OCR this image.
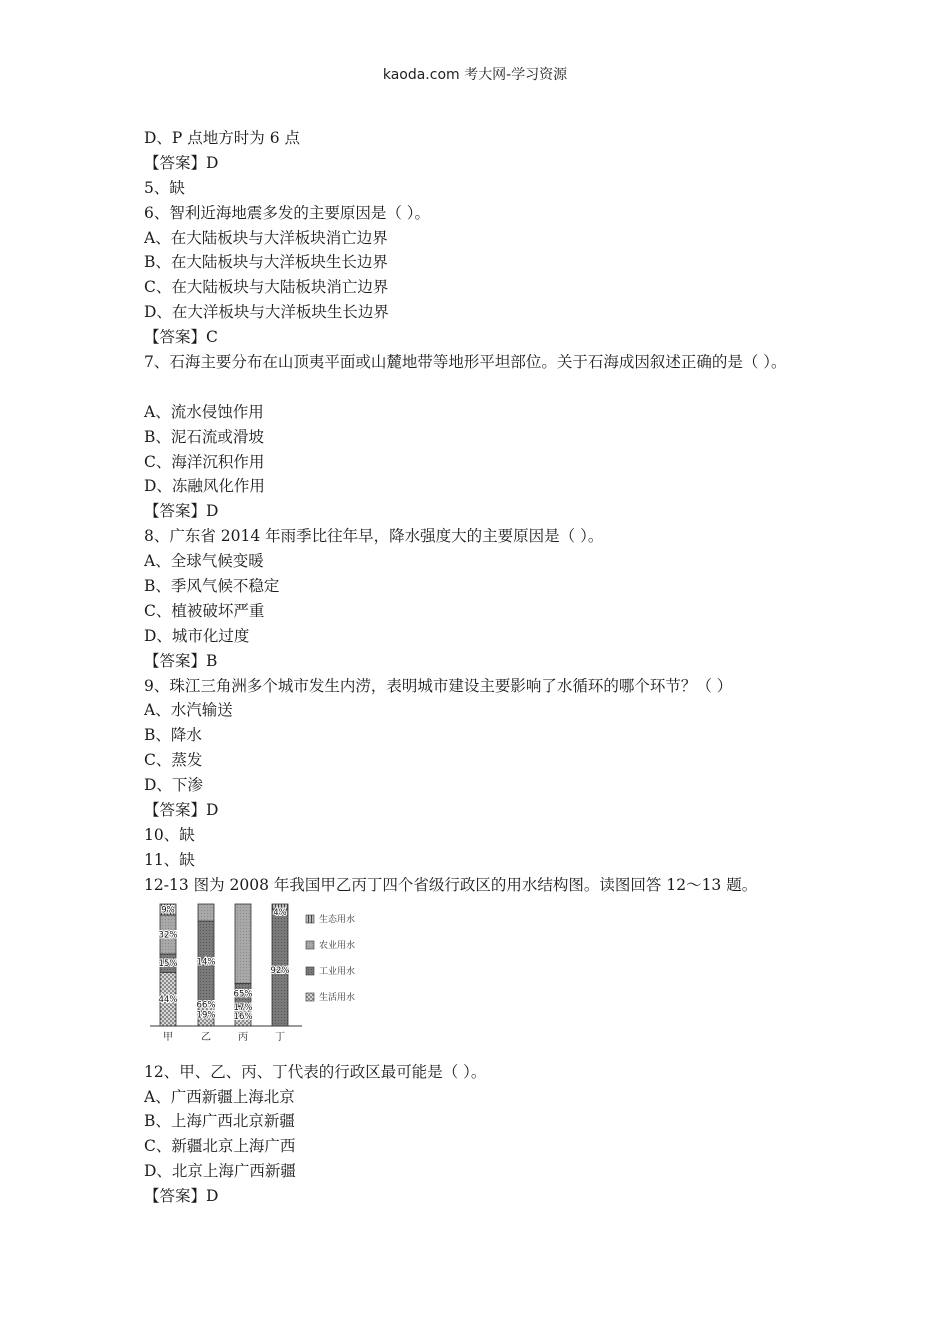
kaoda.com 考大网-学习资源
D、P 点地方时为 6 点
【答案】D
5、缺
6、智利近海地震多发的主要原因是（ ）。
A、在大陆板块与大洋板块消亡边界
B、在大陆板块与大洋板块生长边界
C、在大陆板块与大陆板块消亡边界
D、在大洋板块与大洋板块生长边界
【答案】C
7、石海主要分布在山顶夷平面或山麓地带等地形平坦部位。关于石海成因叙述正确的是（ ）。
A、流水侵蚀作用
B、泥石流或滑坡
C、海洋沉积作用
D、冻融风化作用
【答案】D
8、广东省 2014 年雨季比往年早，降水强度大的主要原因是（ ）。
A、全球气候变暖
B、季风气候不稳定
C、植被破坏严重
D、城市化过度
【答案】B
9、珠江三角洲多个城市发生内涝，表明城市建设主要影响了水循环的哪个环节？（ ）
A、水汽输送
B、降水
C、蒸发
D、下渗
【答案】D
10、缺
11、缺
12-13 图为 2008 年我国甲乙丙丁四个省级行政区的用水结构图。读图回答 12～13 题。
44%
15%
32%
9%
甲
19%
66%
14%
乙
16%
17%
65%
丙
92%
4%
丁
生态用水
农业用水
工业用水
生活用水
12、甲、乙、丙、丁代表的行政区最可能是（ ）。
A、广西新疆上海北京
B、上海广西北京新疆
C、新疆北京上海广西
D、北京上海广西新疆
【答案】D
